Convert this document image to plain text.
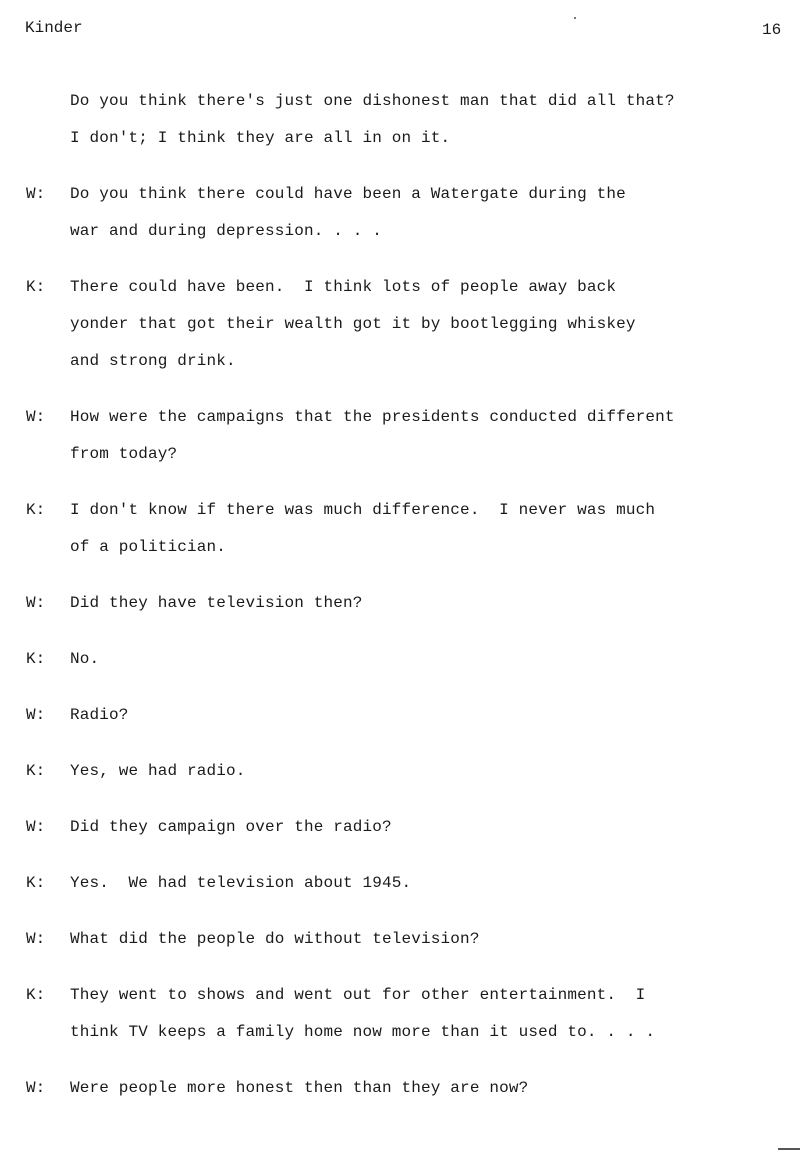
Kinder	16
Do you think there's just one dishonest man that did all that?
I don't; I think they are all in on it.
W: Do you think there could have been a Watergate during the
war and during depression. . . .
K: There could have been.  I think lots of people away back
yonder that got their wealth got it by bootlegging whiskey
and strong drink.
W: How were the campaigns that the presidents conducted different
from today?
K: I don't know if there was much difference.  I never was much
of a politician.
W: Did they have television then?
K: No.
W: Radio?
K: Yes, we had radio.
W: Did they campaign over the radio?
K: Yes.  We had television about 1945.
W: What did the people do without television?
K: They went to shows and went out for other entertainment.  I
think TV keeps a family home now more than it used to. . . .
W: Were people more honest then than they are now?
